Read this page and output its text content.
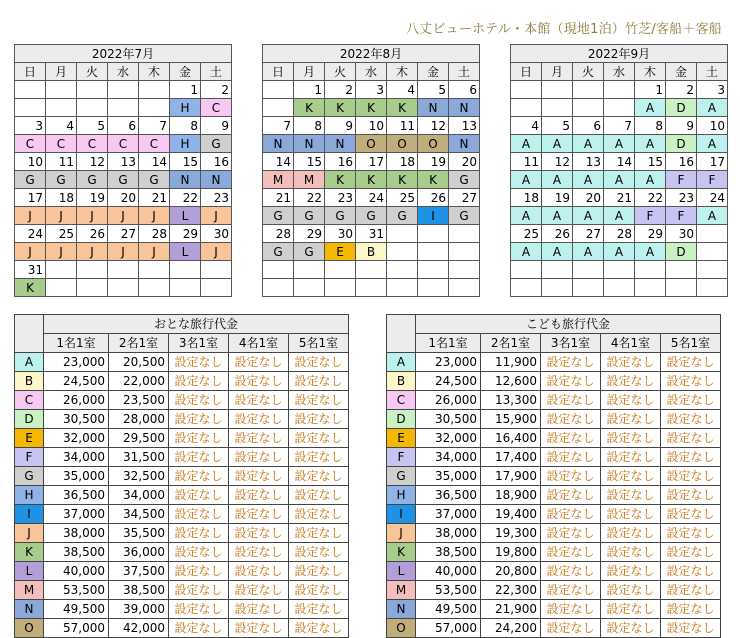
八丈ビューホテル・本館（現地1泊）竹芝/客船＋客船
2022年7月						
日	月	火	水	木	金	土
					1	2
					H	C
3	4	5	6	7	8	9
C	C	C	C	C	H	G
10	11	12	13	14	15	16
G	G	G	G	G	N	N
17	18	19	20	21	22	23
J	J	J	J	J	L	J
24	25	26	27	28	29	30
J	J	J	J	J	L	J
31						
K						
2022年8月						
日	月	火	水	木	金	土
	1	2	3	4	5	6
	K	K	K	K	N	N
7	8	9	10	11	12	13
N	N	N	O	O	O	N
14	15	16	17	18	19	20
M	M	K	K	K	K	G
21	22	23	24	25	26	27
G	G	G	G	G	I	G
28	29	30	31			
G	G	E	B			

2022年9月						
日	月	火	水	木	金	土
				1	2	3
				A	D	A
4	5	6	7	8	9	10
A	A	A	A	A	D	A
11	12	13	14	15	16	17
A	A	A	A	A	F	F
18	19	20	21	22	23	24
A	A	A	A	F	F	A
25	26	27	28	29	30	
A	A	A	A	A	D	

	おとな旅行代金				
	1名1室	2名1室	3名1室	4名1室	5名1室
A	23,000	20,500	設定なし	設定なし	設定なし
B	24,500	22,000	設定なし	設定なし	設定なし
C	26,000	23,500	設定なし	設定なし	設定なし
D	30,500	28,000	設定なし	設定なし	設定なし
E	32,000	29,500	設定なし	設定なし	設定なし
F	34,000	31,500	設定なし	設定なし	設定なし
G	35,000	32,500	設定なし	設定なし	設定なし
H	36,500	34,000	設定なし	設定なし	設定なし
I	37,000	34,500	設定なし	設定なし	設定なし
J	38,000	35,500	設定なし	設定なし	設定なし
K	38,500	36,000	設定なし	設定なし	設定なし
L	40,000	37,500	設定なし	設定なし	設定なし
M	53,500	38,500	設定なし	設定なし	設定なし
N	49,500	39,000	設定なし	設定なし	設定なし
O	57,000	42,000	設定なし	設定なし	設定なし
	こども旅行代金				
	1名1室	2名1室	3名1室	4名1室	5名1室
A	23,000	11,900	設定なし	設定なし	設定なし
B	24,500	12,600	設定なし	設定なし	設定なし
C	26,000	13,300	設定なし	設定なし	設定なし
D	30,500	15,900	設定なし	設定なし	設定なし
E	32,000	16,400	設定なし	設定なし	設定なし
F	34,000	17,400	設定なし	設定なし	設定なし
G	35,000	17,900	設定なし	設定なし	設定なし
H	36,500	18,900	設定なし	設定なし	設定なし
I	37,000	19,400	設定なし	設定なし	設定なし
J	38,000	19,300	設定なし	設定なし	設定なし
K	38,500	19,800	設定なし	設定なし	設定なし
L	40,000	20,800	設定なし	設定なし	設定なし
M	53,500	22,300	設定なし	設定なし	設定なし
N	49,500	21,900	設定なし	設定なし	設定なし
O	57,000	24,200	設定なし	設定なし	設定なし
